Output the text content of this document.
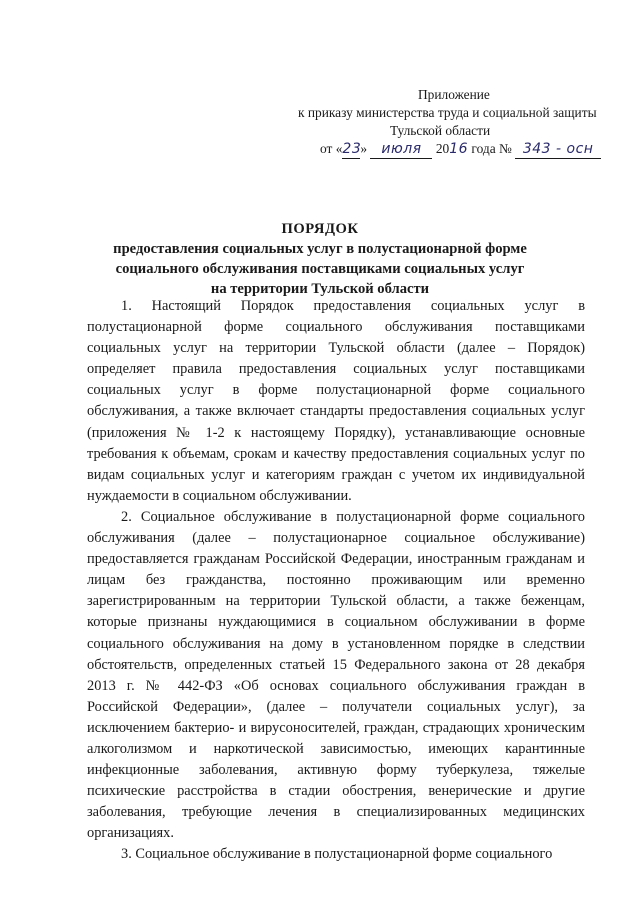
Приложение
к приказу министерства труда и социальной защиты
Тульской области
от «23» июля 2016 года № 343 - осн
ПОРЯДОК
предоставления социальных услуг в полустационарной форме
социального обслуживания поставщиками социальных услуг
на территории Тульской области

1. Настоящий Порядок предоставления социальных услуг в полустационарной форме социального обслуживания поставщиками социальных услуг на территории Тульской области (далее – Порядок) определяет правила предоставления социальных услуг поставщиками социальных услуг в форме полустационарной форме социального обслуживания, а также включает стандарты предоставления социальных услуг (приложения № 1-2 к настоящему Порядку), устанавливающие основные требования к объемам, срокам и качеству предоставления социальных услуг по видам социальных услуг и категориям граждан с учетом их индивидуальной нуждаемости в социальном обслуживании.

2. Социальное обслуживание в полустационарной форме социального обслуживания (далее – полустационарное социальное обслуживание) предоставляется гражданам Российской Федерации, иностранным гражданам и лицам без гражданства, постоянно проживающим или временно зарегистрированным на территории Тульской области, а также беженцам, которые признаны нуждающимися в социальном обслуживании в форме социального обслуживания на дому в установленном порядке в следствии обстоятельств, определенных статьей 15 Федерального закона от 28 декабря 2013 г. № 442-ФЗ «Об основах социального обслуживания граждан в Российской Федерации», (далее – получатели социальных услуг), за исключением бактерио- и вирусоносителей, граждан, страдающих хроническим алкоголизмом и наркотической зависимостью, имеющих карантинные инфекционные заболевания, активную форму туберкулеза, тяжелые психические расстройства в стадии обострения, венерические и другие заболевания, требующие лечения в специализированных медицинских организациях.

3. Социальное обслуживание в полустационарной форме социального
